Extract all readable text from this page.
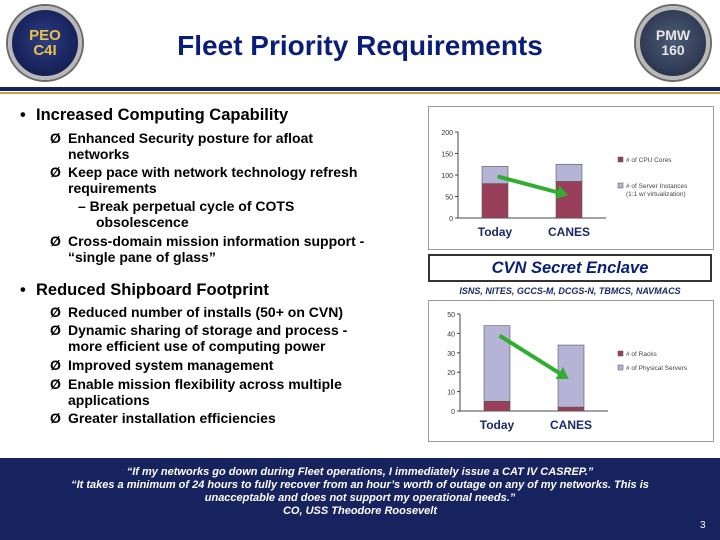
PEO
C4I	Fleet Priority Requirements	PMW
160
• Increased Computing Capability
Ø Enhanced Security posture for afloat
networks
Ø Keep pace with network technology refresh
requirements
– Break perpetual cycle of COTS
obsolescence
Ø Cross-domain mission information support -
“single pane of glass”
• Reduced Shipboard Footprint
Ø Reduced number of installs (50+ on CVN)
Ø Dynamic sharing of storage and process -
more efficient use of computing power
Ø Improved system management
Ø Enable mission flexibility across multiple
applications
Ø Greater installation efficiencies
0
50
100
150
200
Today	CANES
# of CPU Cores
# of Server Instances (1:1 w/ virtualization)
CVN Secret Enclave
ISNS, NITES, GCCS-M, DCGS-N, TBMCS, NAVMACS
0
10
20
30
40
50
Today	CANES
# of Racks
# of Physical Servers
“If my networks go down during Fleet operations, I immediately issue a CAT IV CASREP.”
“It takes a minimum of 24 hours to fully recover from an hour’s worth of outage on any of my networks. This is
unacceptable and does not support my operational needs.”
CO, USS Theodore Roosevelt
3
